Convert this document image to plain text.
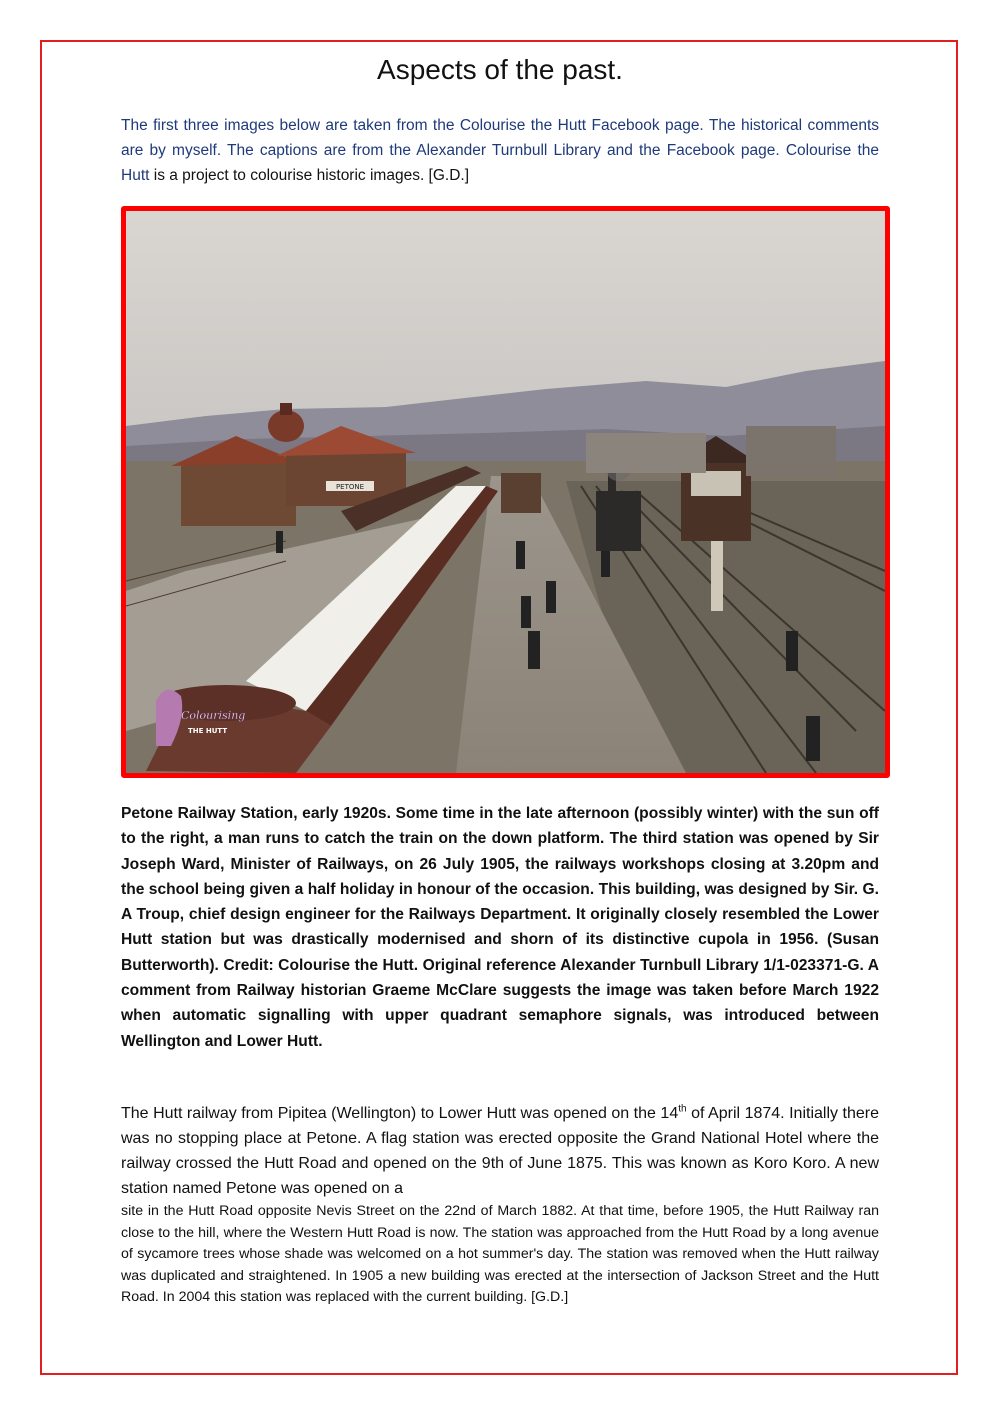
Aspects of the past.

The first three images below are taken from the Colourise the Hutt Facebook page. The historical comments are by myself. The captions are from the Alexander Turnbull Library and the Facebook page. Colourise the Hutt is a project to colourise historic images. [G.D.]

PETONE
Colourising
THE HUTT

Petone Railway Station, early 1920s. Some time in the late afternoon (possibly winter) with the sun off to the right, a man runs to catch the train on the down platform. The third station was opened by Sir Joseph Ward, Minister of Railways, on 26 July 1905, the railways workshops closing at 3.20pm and the school being given a half holiday in honour of the occasion. This building, was designed by Sir. G. A Troup, chief design engineer for the Railways Department. It originally closely resembled the Lower Hutt station but was drastically modernised and shorn of its distinctive cupola in 1956. (Susan Butterworth). Credit: Colourise the Hutt. Original reference Alexander Turnbull Library 1/1-023371-G. A comment from Railway historian Graeme McClare suggests the image was taken before March 1922 when automatic signalling with upper quadrant semaphore signals, was introduced between Wellington and Lower Hutt.

The Hutt railway from Pipitea (Wellington) to Lower Hutt was opened on the 14th of April 1874. Initially there was no stopping place at Petone. A flag station was erected opposite the Grand National Hotel where the railway crossed the Hutt Road and opened on the 9th of June 1875. This was known as Koro Koro. A new station named Petone was opened on a

site in the Hutt Road opposite Nevis Street on the 22nd of March 1882. At that time, before 1905, the Hutt Railway ran close to the hill, where the Western Hutt Road is now. The station was approached from the Hutt Road by a long avenue of sycamore trees whose shade was welcomed on a hot summer's day. The station was removed when the Hutt railway was duplicated and straightened. In 1905 a new building was erected at the intersection of Jackson Street and the Hutt Road. In 2004 this station was replaced with the current building. [G.D.]
